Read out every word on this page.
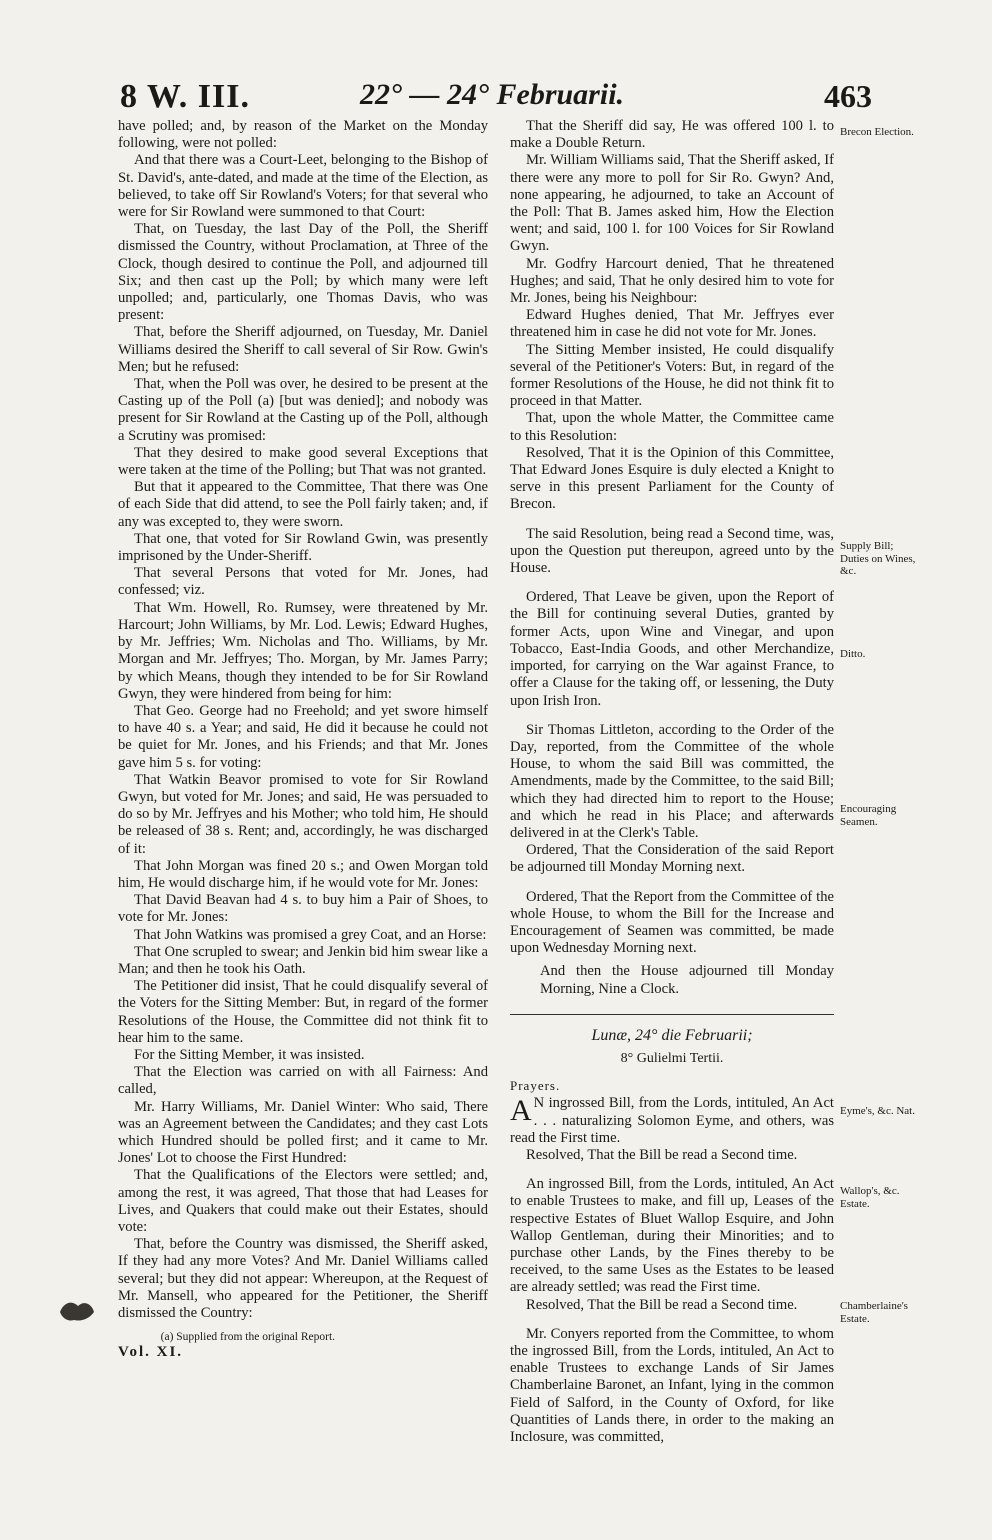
8 W. III.	22° — 24° Februarii.	463

have polled; and, by reason of the Market on the Monday following, were not polled:

And that there was a Court-Leet, belonging to the Bishop of St. David's, ante-dated, and made at the time of the Election, as believed, to take off Sir Rowland's Voters; for that several who were for Sir Rowland were summoned to that Court:

That, on Tuesday, the last Day of the Poll, the Sheriff dismissed the Country, without Proclamation, at Three of the Clock, though desired to continue the Poll, and adjourned till Six; and then cast up the Poll; by which many were left unpolled; and, particularly, one Thomas Davis, who was present:

That, before the Sheriff adjourned, on Tuesday, Mr. Daniel Williams desired the Sheriff to call several of Sir Row. Gwin's Men; but he refused:

That, when the Poll was over, he desired to be present at the Casting up of the Poll (a) [but was denied]; and nobody was present for Sir Rowland at the Casting up of the Poll, although a Scrutiny was promised:

That they desired to make good several Exceptions that were taken at the time of the Polling; but That was not granted.

But that it appeared to the Committee, That there was One of each Side that did attend, to see the Poll fairly taken; and, if any was excepted to, they were sworn.

That one, that voted for Sir Rowland Gwin, was presently imprisoned by the Under-Sheriff.

That several Persons that voted for Mr. Jones, had confessed; viz.

That Wm. Howell, Ro. Rumsey, were threatened by Mr. Harcourt; John Williams, by Mr. Lod. Lewis; Edward Hughes, by Mr. Jeffries; Wm. Nicholas and Tho. Williams, by Mr. Morgan and Mr. Jeffryes; Tho. Morgan, by Mr. James Parry; by which Means, though they intended to be for Sir Rowland Gwyn, they were hindered from being for him:

That Geo. George had no Freehold; and yet swore himself to have 40 s. a Year; and said, He did it because he could not be quiet for Mr. Jones, and his Friends; and that Mr. Jones gave him 5 s. for voting:

That Watkin Beavor promised to vote for Sir Rowland Gwyn, but voted for Mr. Jones; and said, He was persuaded to do so by Mr. Jeffryes and his Mother; who told him, He should be released of 38 s. Rent; and, accordingly, he was discharged of it:

That John Morgan was fined 20 s.; and Owen Morgan told him, He would discharge him, if he would vote for Mr. Jones:

That David Beavan had 4 s. to buy him a Pair of Shoes, to vote for Mr. Jones:

That John Watkins was promised a grey Coat, and an Horse:

That One scrupled to swear; and Jenkin bid him swear like a Man; and then he took his Oath.

The Petitioner did insist, That he could disqualify several of the Voters for the Sitting Member: But, in regard of the former Resolutions of the House, the Committee did not think fit to hear him to the same.

For the Sitting Member, it was insisted.

That the Election was carried on with all Fairness: And called,

Mr. Harry Williams, Mr. Daniel Winter: Who said, There was an Agreement between the Candidates; and they cast Lots which Hundred should be polled first; and it came to Mr. Jones' Lot to choose the First Hundred:

That the Qualifications of the Electors were settled; and, among the rest, it was agreed, That those that had Leases for Lives, and Quakers that could make out their Estates, should vote:

That, before the Country was dismissed, the Sheriff asked, If they had any more Votes? And Mr. Daniel Williams called several; but they did not appear: Whereupon, at the Request of Mr. Mansell, who appeared for the Petitioner, the Sheriff dismissed the Country:

(a) Supplied from the original Report.

Vol. XI.

That the Sheriff did say, He was offered 100 l. to make a Double Return.

Mr. William Williams said, That the Sheriff asked, If there were any more to poll for Sir Ro. Gwyn? And, none appearing, he adjourned, to take an Account of the Poll: That B. James asked him, How the Election went; and said, 100 l. for 100 Voices for Sir Rowland Gwyn.

Mr. Godfry Harcourt denied, That he threatened Hughes; and said, That he only desired him to vote for Mr. Jones, being his Neighbour:

Edward Hughes denied, That Mr. Jeffryes ever threatened him in case he did not vote for Mr. Jones.

The Sitting Member insisted, He could disqualify several of the Petitioner's Voters: But, in regard of the former Resolutions of the House, he did not think fit to proceed in that Matter.

That, upon the whole Matter, the Committee came to this Resolution:

Resolved, That it is the Opinion of this Committee, That Edward Jones Esquire is duly elected a Knight to serve in this present Parliament for the County of Brecon.

The said Resolution, being read a Second time, was, upon the Question put thereupon, agreed unto by the House.

Ordered, That Leave be given, upon the Report of the Bill for continuing several Duties, granted by former Acts, upon Wine and Vinegar, and upon Tobacco, East-India Goods, and other Merchandize, imported, for carrying on the War against France, to offer a Clause for the taking off, or lessening, the Duty upon Irish Iron.

Sir Thomas Littleton, according to the Order of the Day, reported, from the Committee of the whole House, to whom the said Bill was committed, the Amendments, made by the Committee, to the said Bill; which they had directed him to report to the House; and which he read in his Place; and afterwards delivered in at the Clerk's Table.

Ordered, That the Consideration of the said Report be adjourned till Monday Morning next.

Ordered, That the Report from the Committee of the whole House, to whom the Bill for the Increase and Encouragement of Seamen was committed, be made upon Wednesday Morning next.

And then the House adjourned till Monday Morning, Nine a Clock.

Lunæ, 24° die Februarii;

8° Gulielmi Tertii.

Prayers.

A N ingrossed Bill, from the Lords, intituled, An Act . . . naturalizing Solomon Eyme, and others, was read the First time.

Resolved, That the Bill be read a Second time.

An ingrossed Bill, from the Lords, intituled, An Act to enable Trustees to make, and fill up, Leases of the respective Estates of Bluet Wallop Esquire, and John Wallop Gentleman, during their Minorities; and to purchase other Lands, by the Fines thereby to be received, to the same Uses as the Estates to be leased are already settled; was read the First time.

Resolved, That the Bill be read a Second time.

Mr. Conyers reported from the Committee, to whom the ingrossed Bill, from the Lords, intituled, An Act to enable Trustees to exchange Lands of Sir James Chamberlaine Baronet, an Infant, lying in the common Field of Salford, in the County of Oxford, for like Quantities of Lands there, in order to the making an Inclosure, was committed,

Brecon Election.
Supply Bill; Duties on Wines, &c.
Ditto.
Encouraging Seamen.
Eyme's, &c. Nat.
Wallop's, &c. Estate.
Chamberlaine's Estate.
